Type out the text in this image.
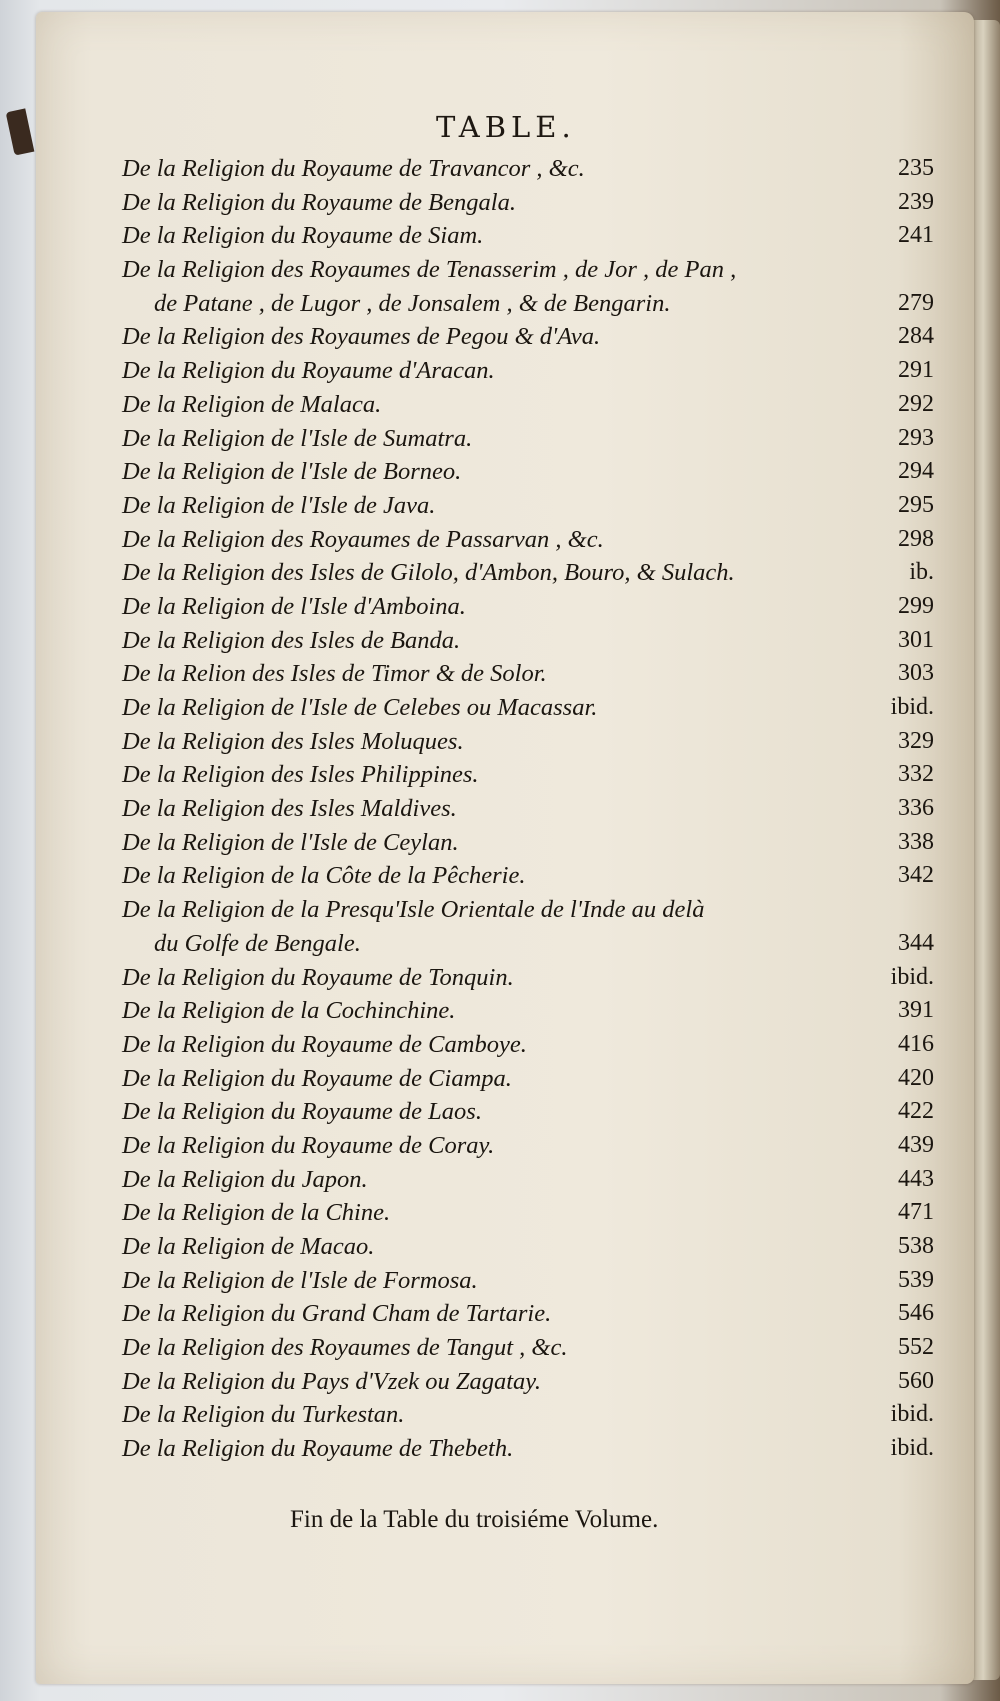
TABLE.
De la Religion du Royaume de Travancor , &c.	235
De la Religion du Royaume de Bengala.	239
De la Religion du Royaume de Siam.	241
De la Religion des Royaumes de Tenasserim , de Jor , de Pan ,
de Patane , de Lugor , de Jonsalem , & de Bengarin.	279
De la Religion des Royaumes de Pegou & d'Ava.	284
De la Religion du Royaume d'Aracan.	291
De la Religion de Malaca.	292
De la Religion de l'Isle de Sumatra.	293
De la Religion de l'Isle de Borneo.	294
De la Religion de l'Isle de Java.	295
De la Religion des Royaumes de Passarvan , &c.	298
De la Religion des Isles de Gilolo, d'Ambon, Bouro, & Sulach.	ib.
De la Religion de l'Isle d'Amboina.	299
De la Religion des Isles de Banda.	301
De la Relion des Isles de Timor & de Solor.	303
De la Religion de l'Isle de Celebes ou Macassar.	ibid.
De la Religion des Isles Moluques.	329
De la Religion des Isles Philippines.	332
De la Religion des Isles Maldives.	336
De la Religion de l'Isle de Ceylan.	338
De la Religion de la Côte de la Pêcherie.	342
De la Religion de la Presqu'Isle Orientale de l'Inde au delà
du Golfe de Bengale.	344
De la Religion du Royaume de Tonquin.	ibid.
De la Religion de la Cochinchine.	391
De la Religion du Royaume de Camboye.	416
De la Religion du Royaume de Ciampa.	420
De la Religion du Royaume de Laos.	422
De la Religion du Royaume de Coray.	439
De la Religion du Japon.	443
De la Religion de la Chine.	471
De la Religion de Macao.	538
De la Religion de l'Isle de Formosa.	539
De la Religion du Grand Cham de Tartarie.	546
De la Religion des Royaumes de Tangut , &c.	552
De la Religion du Pays d'Vzek ou Zagatay.	560
De la Religion du Turkestan.	ibid.
De la Religion du Royaume de Thebeth.	ibid.
Fin de la Table du troisiéme Volume.
